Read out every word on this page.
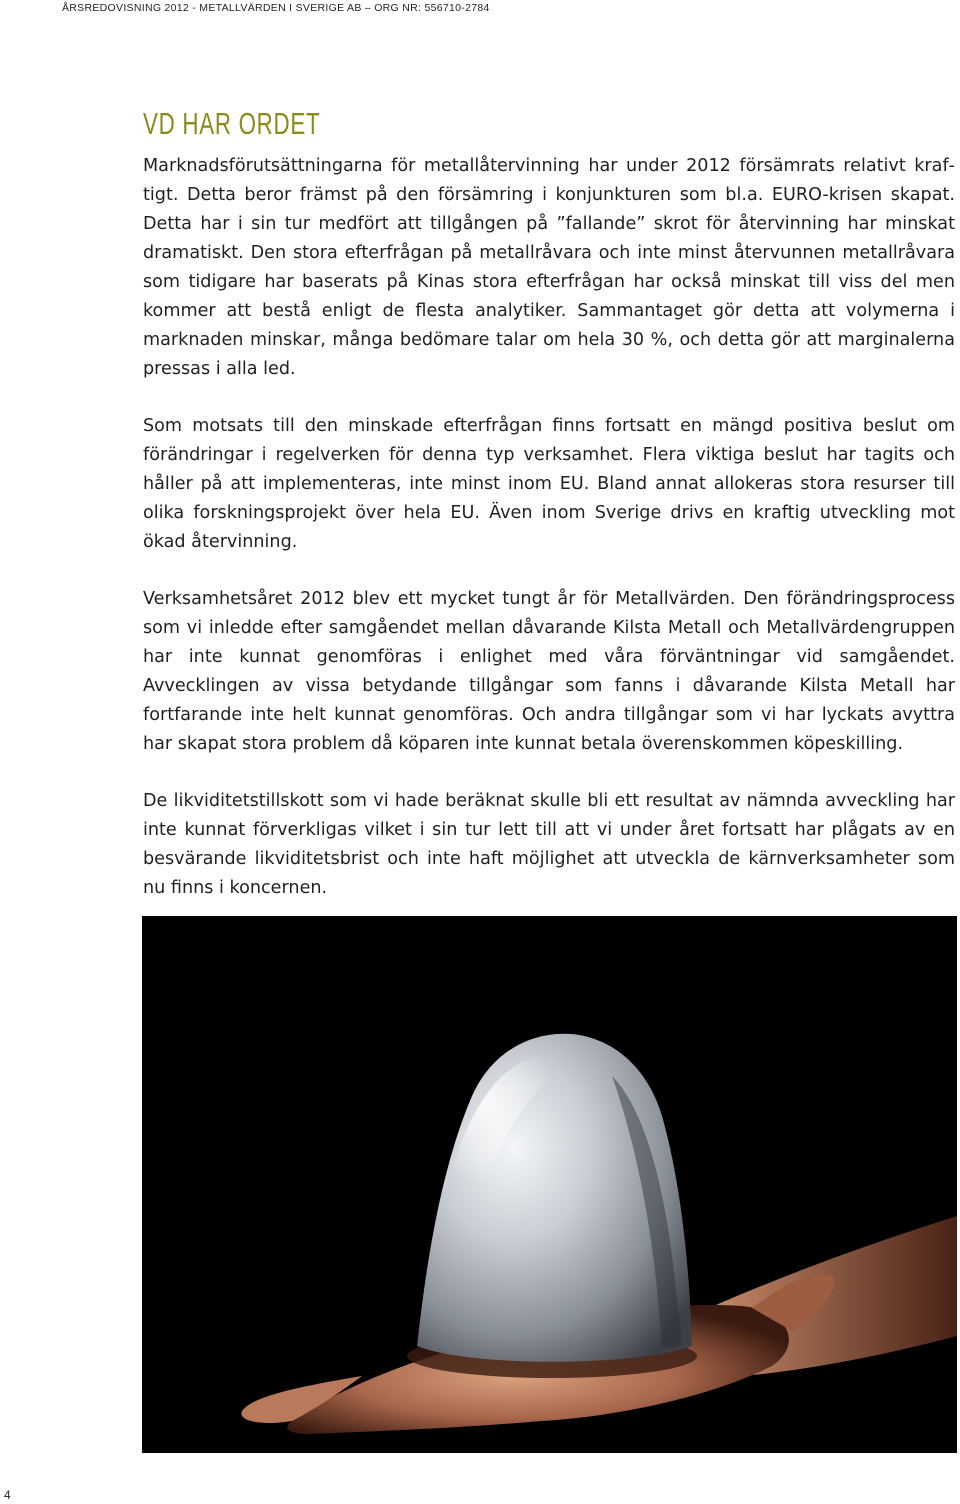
ÅRSREDOVISNING 2012 - METALLVÄRDEN I SVERIGE AB – ORG NR: 556710-2784
VD HAR ORDET

Marknadsförutsättningarna för metallåtervinning har under 2012 försämrats relativt kraftigt. Detta beror främst på den försämring i konjunkturen som bl.a. EURO-krisen skapat. Detta har i sin tur medfört att tillgången på ”fallande” skrot för återvinning har minskat dramatiskt. Den stora efterfrågan på metallråvara och inte minst återvunnen metallråvara som tidigare har baserats på Kinas stora efterfrågan har också minskat till viss del men kommer att bestå enligt de flesta analytiker. Sammantaget gör detta att volymerna i marknaden minskar, många bedömare talar om hela 30 %, och detta gör att marginalerna pressas i alla led.

Som motsats till den minskade efterfrågan finns fortsatt en mängd positiva beslut om förändringar i regelverken för denna typ verksamhet. Flera viktiga beslut har tagits och håller på att implementeras, inte minst inom EU. Bland annat allokeras stora resurser till olika forskningsprojekt över hela EU. Även inom Sverige drivs en kraftig utveckling mot ökad återvinning.

Verksamhetsåret 2012 blev ett mycket tungt år för Metallvärden. Den förändringsprocess som vi inledde efter samgåendet mellan dåvarande Kilsta Metall och Metallvärdengruppen har inte kunnat genomföras i enlighet med våra förväntningar vid samgåendet. Avvecklingen av vissa betydande tillgångar som fanns i dåvarande Kilsta Metall har fortfarande inte helt kunnat genomföras. Och andra tillgångar som vi har lyckats avyttra har skapat stora problem då köparen inte kunnat betala överenskommen köpeskilling.

De likviditetstillskott som vi hade beräknat skulle bli ett resultat av nämnda avveckling har inte kunnat förverkligas vilket i sin tur lett till att vi under året fortsatt har plågats av en besvärande likviditetsbrist och inte haft möjlighet att utveckla de kärnverksamheter som nu finns i koncernen.

4
